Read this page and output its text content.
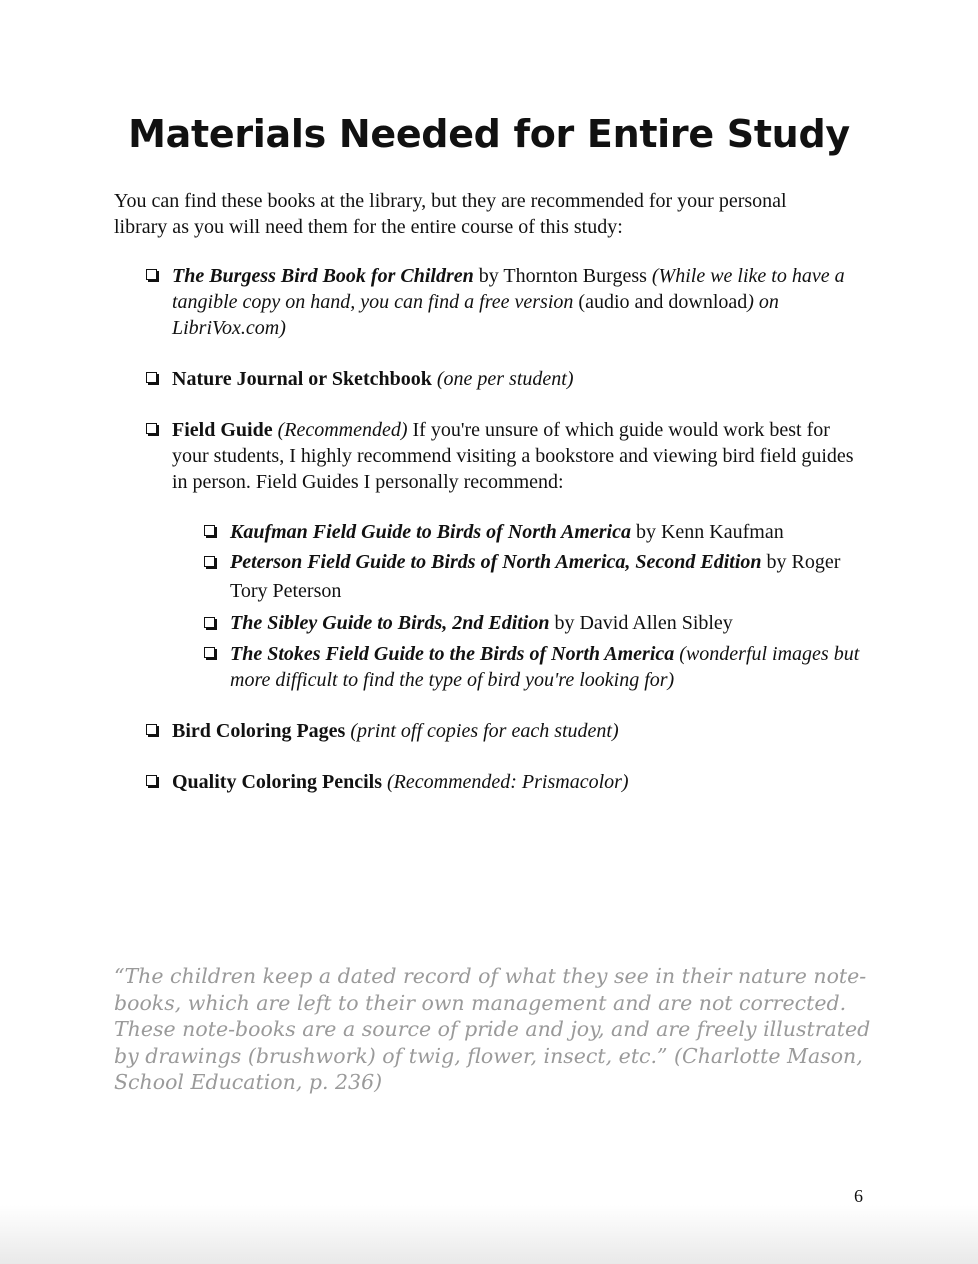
Materials Needed for Entire Study

You can find these books at the library, but they are recommended for your personal library as you will need them for the entire course of this study:

The Burgess Bird Book for Children by Thornton Burgess (While we like to have a tangible copy on hand, you can find a free version (audio and download) on LibriVox.com)
Nature Journal or Sketchbook (one per student)
Field Guide (Recommended) If you're unsure of which guide would work best for your students, I highly recommend visiting a bookstore and viewing bird field guides in person. Field Guides I personally recommend:
Kaufman Field Guide to Birds of North America by Kenn Kaufman
Peterson Field Guide to Birds of North America, Second Edition by Roger Tory Peterson
The Sibley Guide to Birds, 2nd Edition by David Allen Sibley
The Stokes Field Guide to the Birds of North America (wonderful images but more difficult to find the type of bird you're looking for)
Bird Coloring Pages (print off copies for each student)
Quality Coloring Pencils (Recommended: Prismacolor)

“The children keep a dated record of what they see in their nature note-books, which are left to their own management and are not corrected. These note-books are a source of pride and joy, and are freely illustrated by drawings (brushwork) of twig, flower, insect, etc.” (Charlotte Mason, School Education, p. 236)

6
